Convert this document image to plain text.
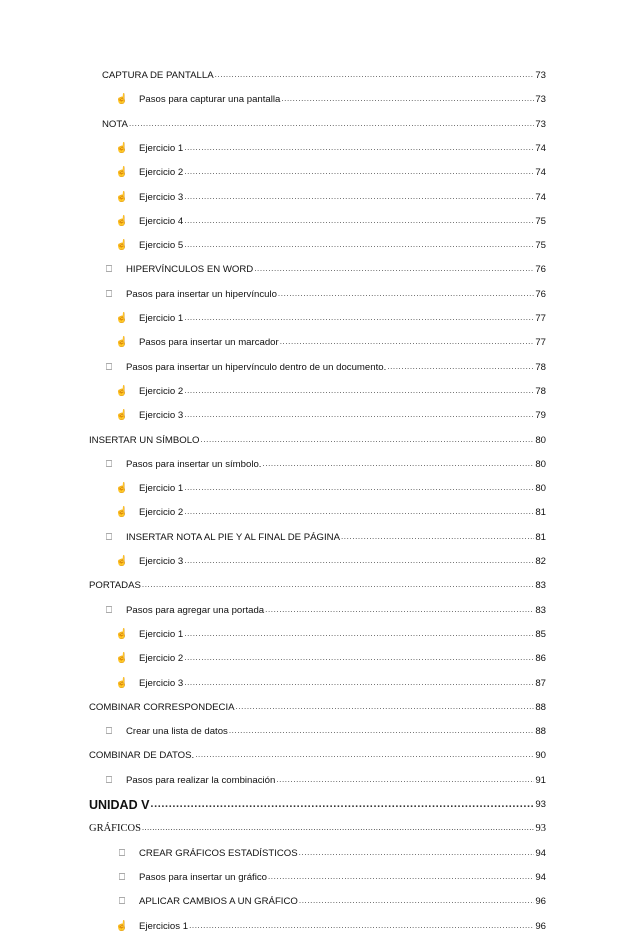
CAPTURA DE PANTALLA .....	73
☝ Pasos para capturar una pantalla .....	73
NOTA .....	73
☝ Ejercicio 1 .....	74
☝ Ejercicio 2 .....	74
☝ Ejercicio 3 .....	74
☝ Ejercicio 4 .....	75
☝ Ejercicio 5 .....	75
⎕	HIPERVÍNCULOS EN WORD .....	76
⎕	Pasos para insertar un hipervínculo .....	76
☝ Ejercicio 1 .....	77
☝ Pasos para insertar un marcador .....	77
⎕	Pasos para insertar un hipervínculo dentro de un documento. .....	78
☝ Ejercicio 2 .....	78
☝ Ejercicio 3 .....	79
INSERTAR UN SÍMBOLO .....	80
⎕	Pasos para insertar un símbolo. .....	80
☝ Ejercicio 1 .....	80
☝ Ejercicio 2 .....	81
⎕	INSERTAR NOTA AL PIE Y AL FINAL DE PÁGINA .....	81
☝ Ejercicio 3 .....	82
PORTADAS .....	83
⎕	Pasos para agregar una portada .....	83
☝ Ejercicio 1 .....	85
☝ Ejercicio 2 .....	86
☝ Ejercicio 3 .....	87
COMBINAR CORRESPONDECIA .....	88
⎕	Crear una lista de datos .....	88
COMBINAR DE DATOS. .....	90
⎕	Pasos para realizar la combinación .....	91
UNIDAD V .....	93
GRÁFICOS .....	93
⎕	CREAR GRÁFICOS ESTADÍSTICOS .....	94
⎕	Pasos para insertar un gráfico .....	94
⎕	APLICAR CAMBIOS A UN GRÁFICO .....	96
☝ Ejercicios 1 .....	96
